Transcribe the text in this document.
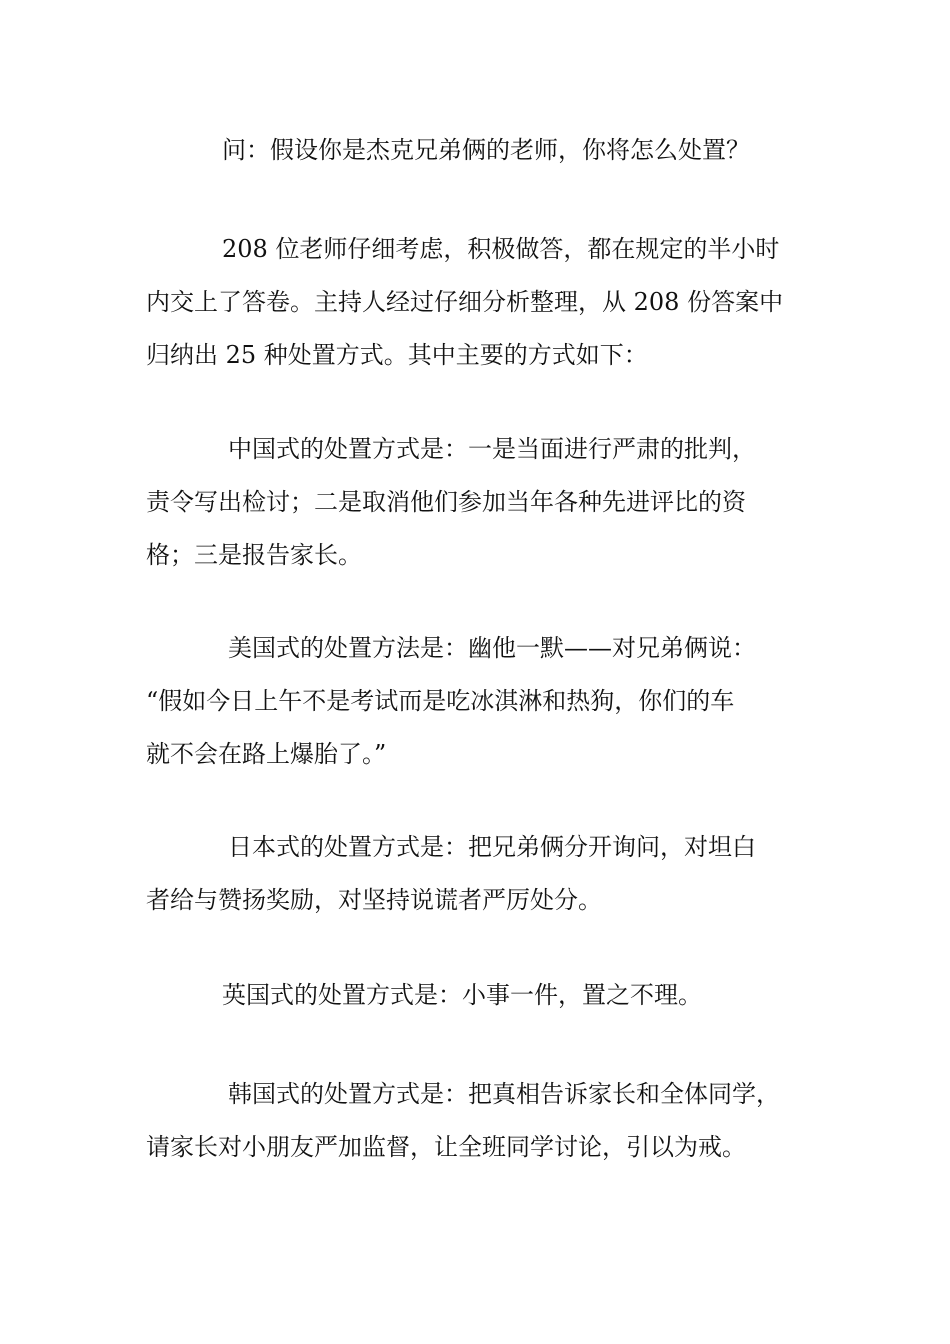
问：假设你是杰克兄弟俩的老师，你将怎么处置？
208 位老师仔细考虑，积极做答，都在规定的半小时
内交上了答卷。主持人经过仔细分析整理，从 208 份答案中
归纳出 25 种处置方式。其中主要的方式如下：
中国式的处置方式是：一是当面进行严肃的批判，
责令写出检讨；二是取消他们参加当年各种先进评比的资
格；三是报告家长。
美国式的处置方法是：幽他一默——对兄弟俩说：
“假如今日上午不是考试而是吃冰淇淋和热狗，你们的车
就不会在路上爆胎了。”
日本式的处置方式是：把兄弟俩分开询问，对坦白
者给与赞扬奖励，对坚持说谎者严厉处分。
英国式的处置方式是：小事一件，置之不理。
韩国式的处置方式是：把真相告诉家长和全体同学，
请家长对小朋友严加监督，让全班同学讨论，引以为戒。
